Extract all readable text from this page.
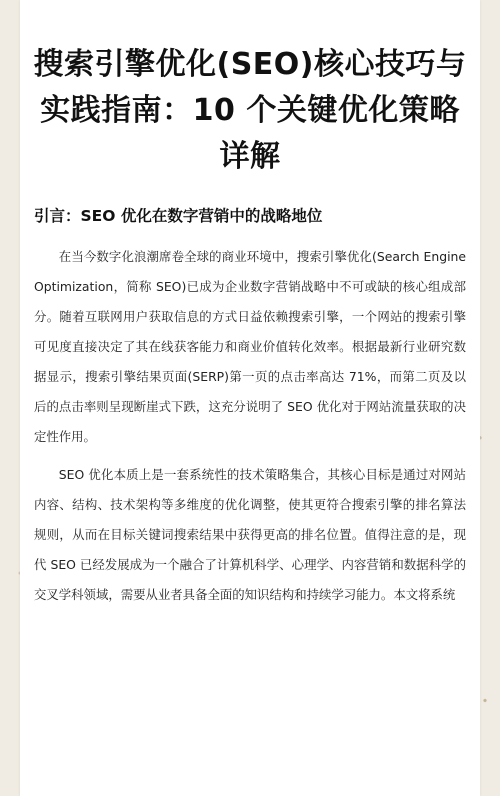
搜索引擎优化(SEO)核心技巧与实践指南：10 个关键优化策略详解
引言：SEO 优化在数字营销中的战略地位

在当今数字化浪潮席卷全球的商业环境中，搜索引擎优化(Search Engine Optimization，简称 SEO)已成为企业数字营销战略中不可或缺的核心组成部分。随着互联网用户获取信息的方式日益依赖搜索引擎，一个网站的搜索引擎可见度直接决定了其在线获客能力和商业价值转化效率。根据最新行业研究数据显示，搜索引擎结果页面(SERP)第一页的点击率高达 71%，而第二页及以后的点击率则呈现断崖式下跌，这充分说明了 SEO 优化对于网站流量获取的决定性作用。

SEO 优化本质上是一套系统性的技术策略集合，其核心目标是通过对网站内容、结构、技术架构等多维度的优化调整，使其更符合搜索引擎的排名算法规则，从而在目标关键词搜索结果中获得更高的排名位置。值得注意的是，现代 SEO 已经发展成为一个融合了计算机科学、心理学、内容营销和数据科学的交叉学科领域，需要从业者具备全面的知识结构和持续学习能力。本文将系统
